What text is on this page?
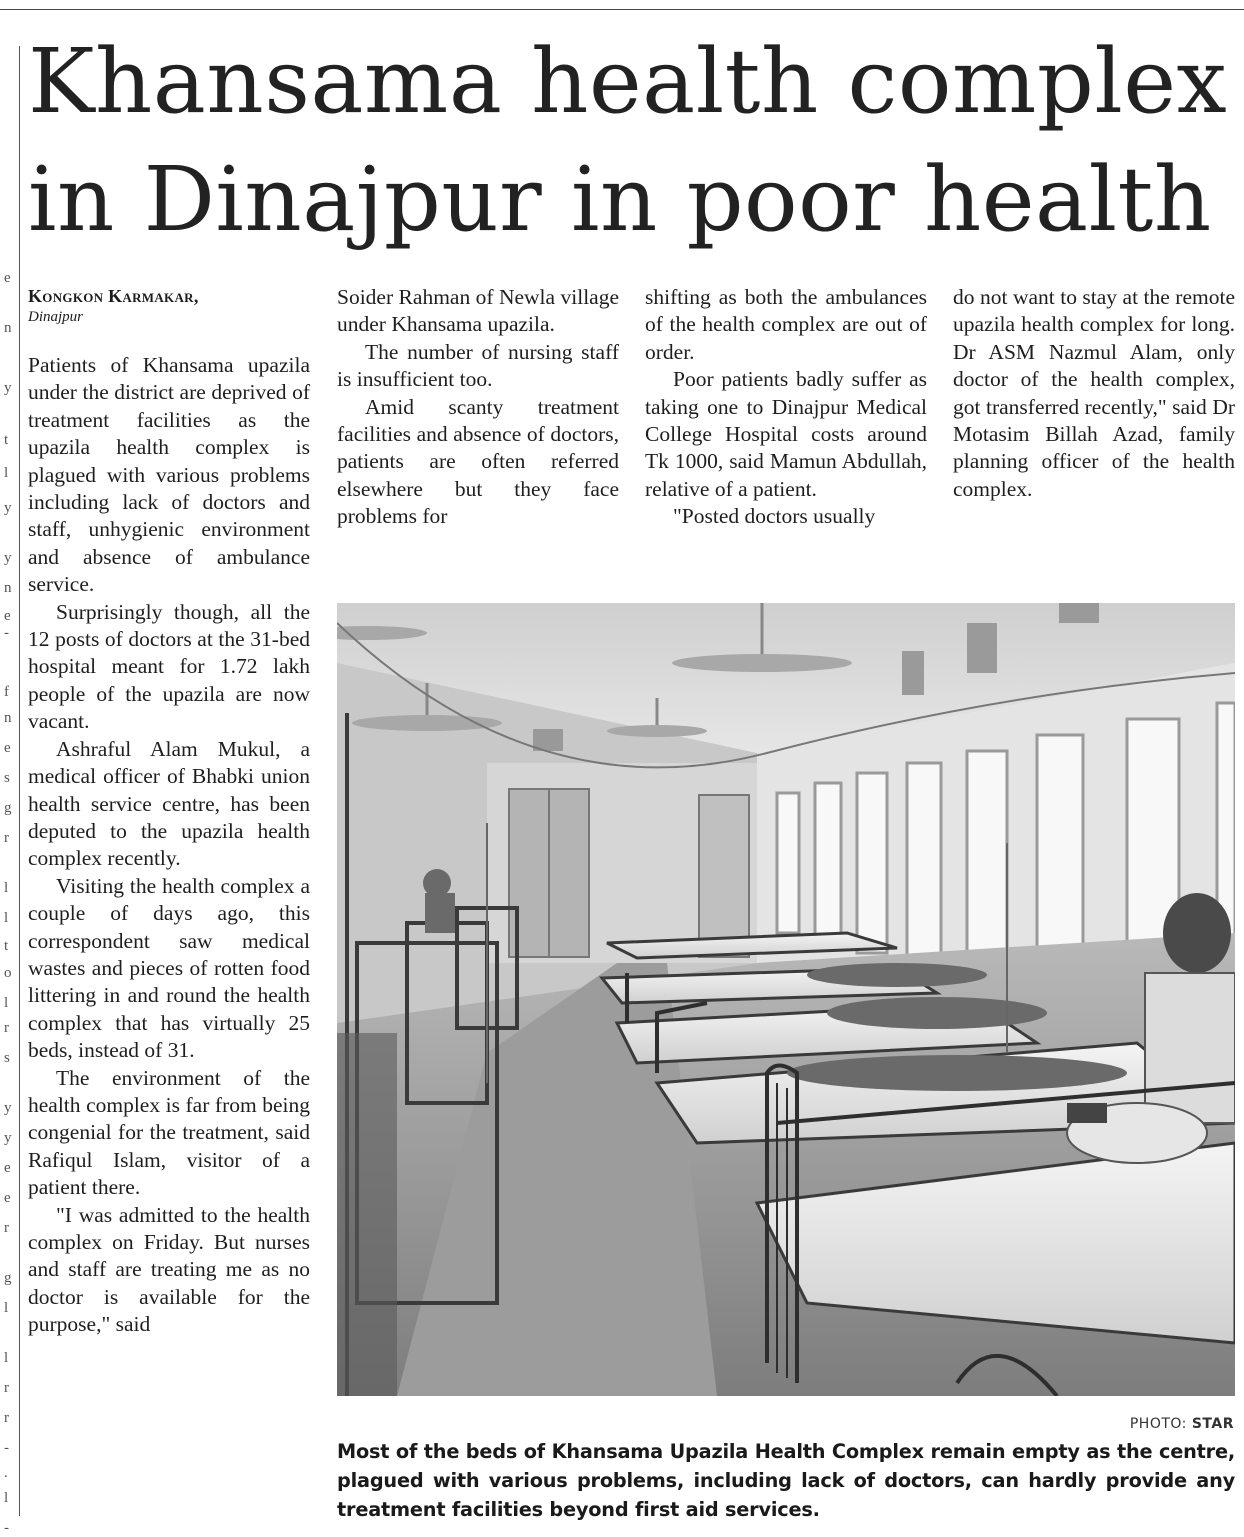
e
n
y
t
l
y
y
n
e
-
f
n
e
s
g
r
l
l
t
o
l
r
s
y
y
e
e
r
g
l
l
r
r
-
.
l
-
Khansama health complex
in Dinajpur in poor health
Kongkon Karmakar,
Dinajpur

Patients of Khansama upazila under the district are deprived of treatment facilities as the upazila health complex is plagued with various problems including lack of doctors and staff, unhygienic environment and absence of ambulance service.

Surprisingly though, all the 12 posts of doctors at the 31-bed hospital meant for 1.72 lakh people of the upazila are now vacant.

Ashraful Alam Mukul, a medical officer of Bhabki union health service centre, has been deputed to the upazila health complex recently.

Visiting the health complex a couple of days ago, this correspondent saw medical wastes and pieces of rotten food littering in and round the health complex that has virtually 25 beds, instead of 31.

The environment of the health complex is far from being congenial for the treatment, said Rafiqul Islam, visitor of a patient there.

"I was admitted to the health complex on Friday. But nurses and staff are treating me as no doctor is available for the purpose," said

Soider Rahman of Newla village under Khansama upazila.

The number of nursing staff is insufficient too.

Amid scanty treatment facilities and absence of doctors, patients are often referred elsewhere but they face problems for

shifting as both the ambulances of the health complex are out of order.

Poor patients badly suffer as taking one to Dinajpur Medical College Hospital costs around Tk 1000, said Mamun Abdullah, relative of a patient.

"Posted doctors usually

do not want to stay at the remote upazila health complex for long. Dr ASM Nazmul Alam, only doctor of the health complex, got transferred recently," said Dr Motasim Billah Azad, family planning officer of the health complex.

PHOTO: STAR
Most of the beds of Khansama Upazila Health Complex remain empty as the centre, plagued with various problems, including lack of doctors, can hardly provide any treatment facilities beyond first aid services.
